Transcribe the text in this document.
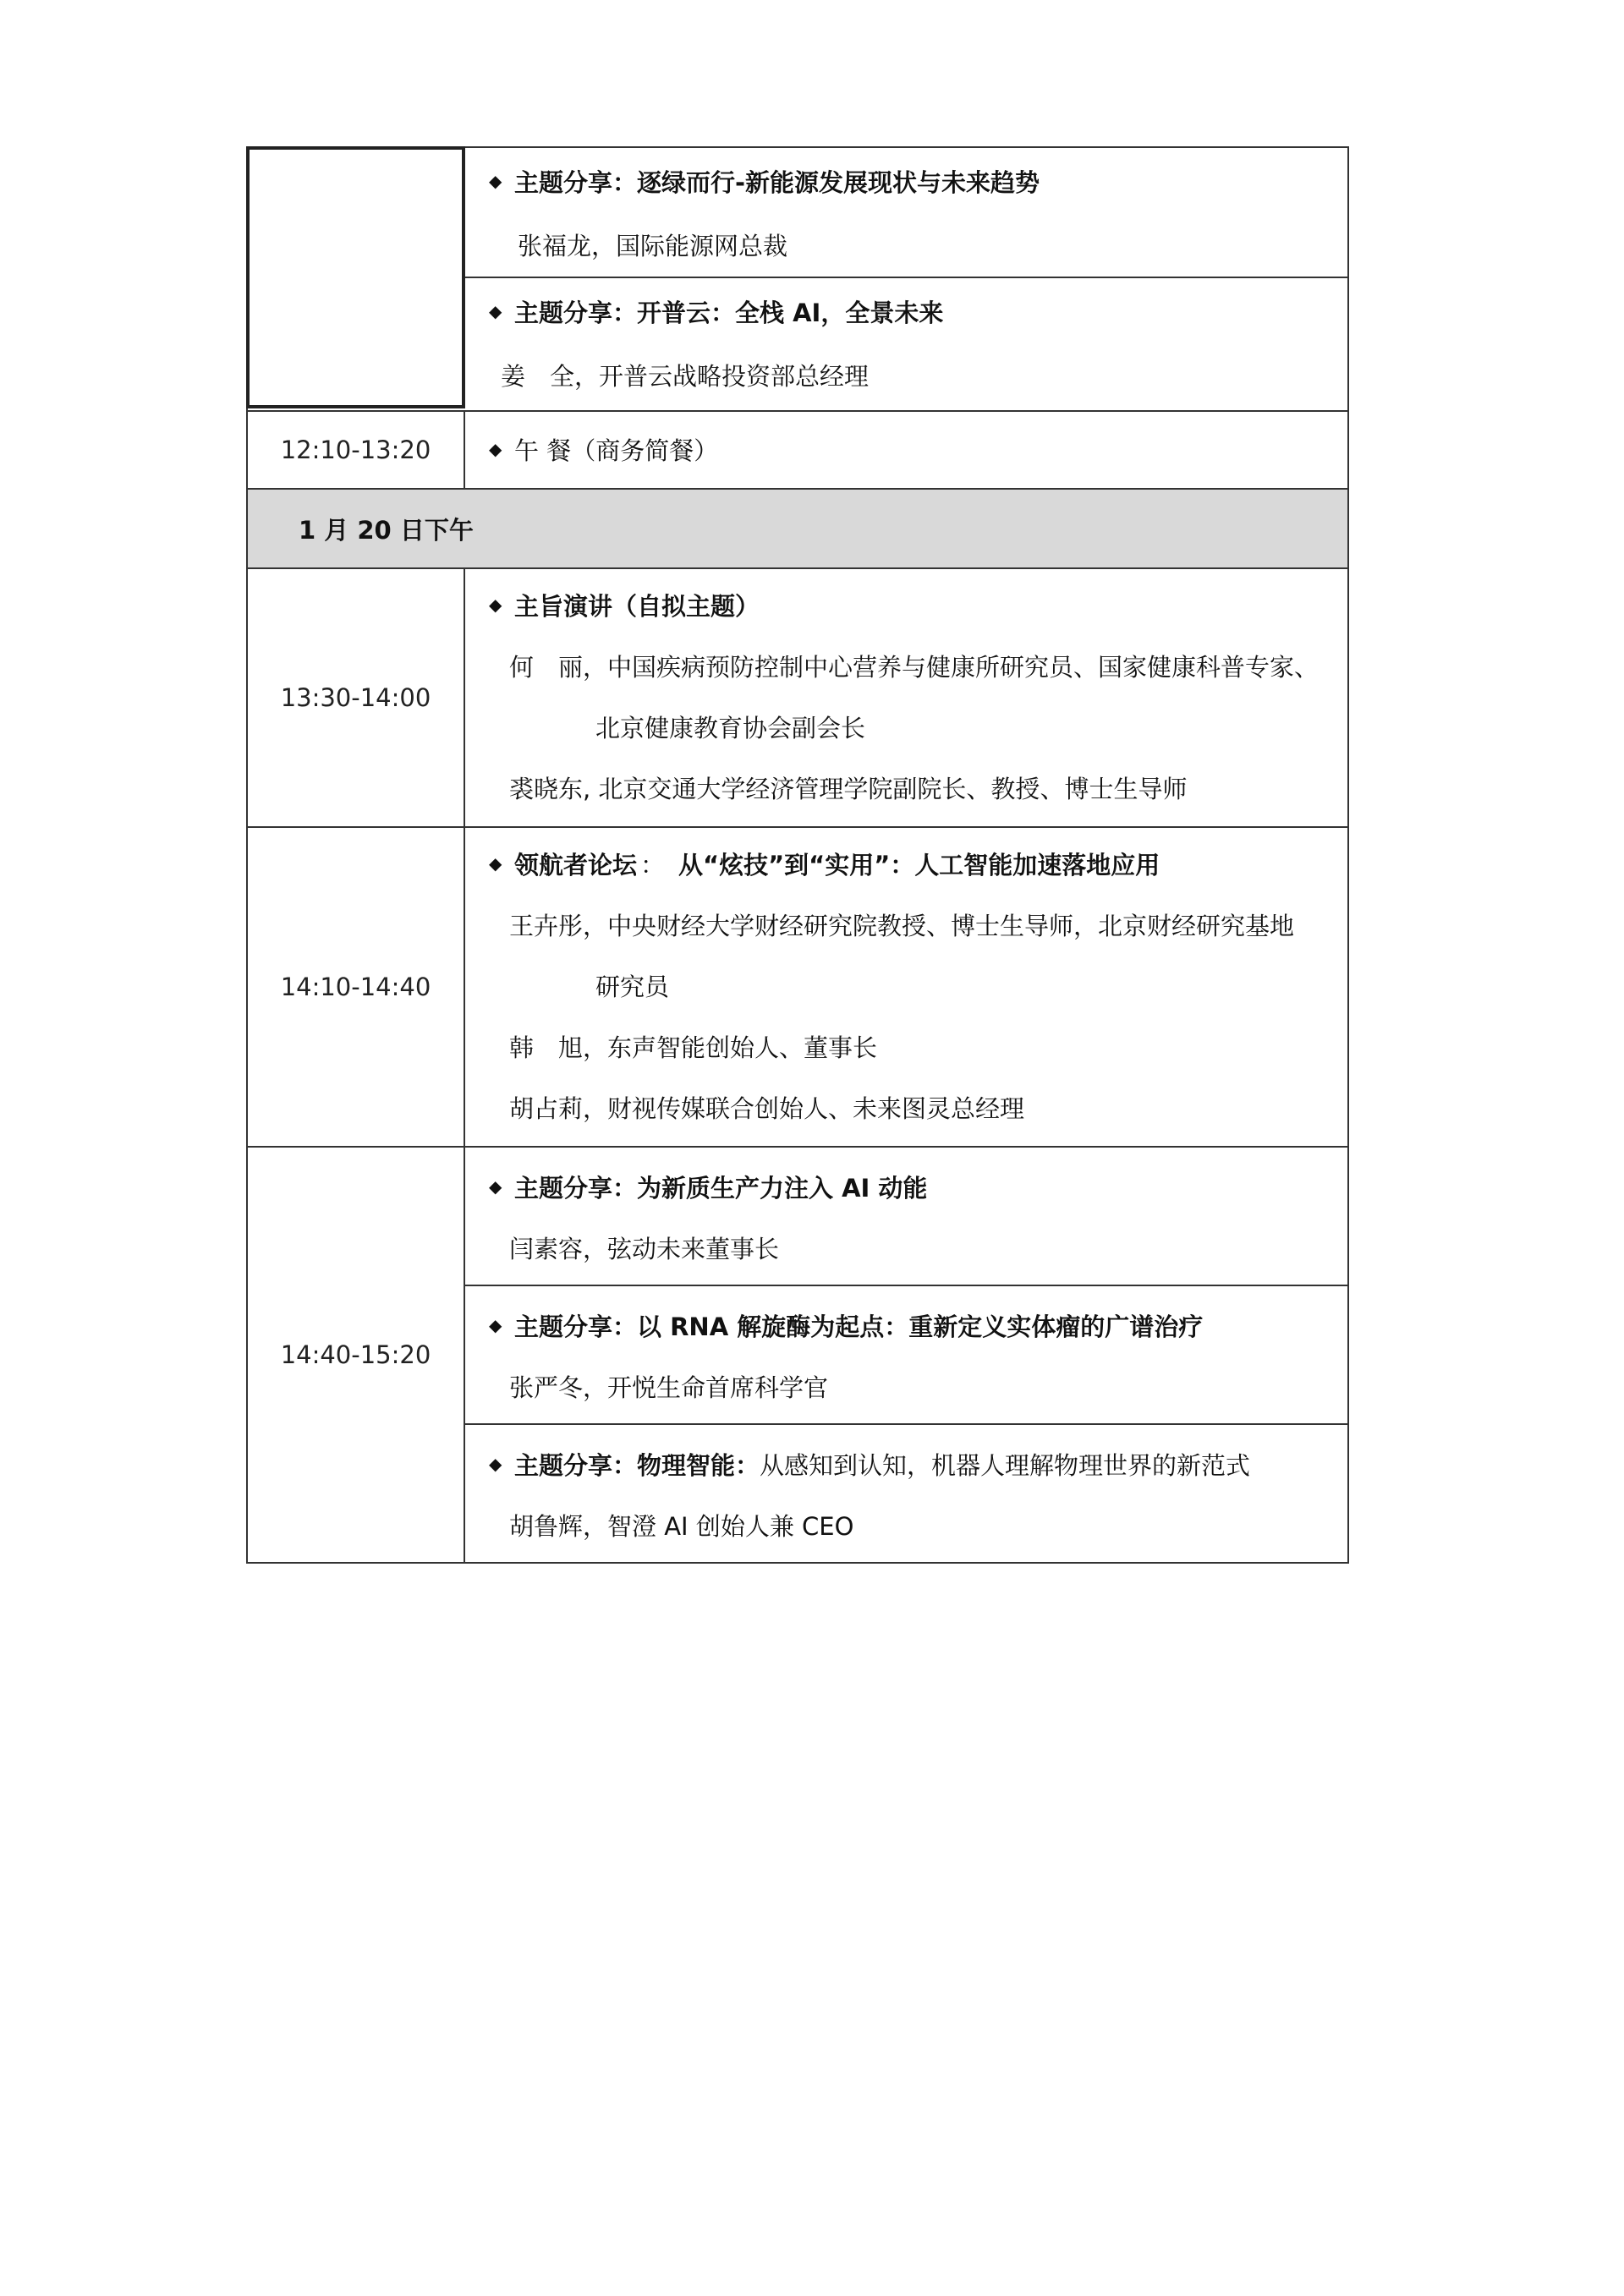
◆ 主题分享：逐绿而行-新能源发展现状与未来趋势
张福龙，国际能源网总裁
◆ 主题分享：开普云：全栈 AI，全景未来
姜　全，开普云战略投资部总经理
12:10-13:20	◆ 午 餐（商务简餐）
1 月 20 日下午
13:30-14:00
◆ 主旨演讲（自拟主题）
何　丽，中国疾病预防控制中心营养与健康所研究员、国家健康科普专家、
北京健康教育协会副会长
裘晓东, 北京交通大学经济管理学院副院长、教授、博士生导师
14:10-14:40
◆ 领航者论坛 ： 从“炫技”到“实用”：人工智能加速落地应用
王卉彤，中央财经大学财经研究院教授、博士生导师，北京财经研究基地
研究员
韩　旭，东声智能创始人、董事长
胡占莉，财视传媒联合创始人、未来图灵总经理
14:40-15:20
◆ 主题分享：为新质生产力注入 AI 动能
闫素容，弦动未来董事长
◆ 主题分享：以 RNA 解旋酶为起点：重新定义实体瘤的广谱治疗
张严冬，开悦生命首席科学官
◆ 主题分享：物理智能： 从感知到认知，机器人理解物理世界的新范式
胡鲁辉，智澄 AI 创始人兼 CEO
